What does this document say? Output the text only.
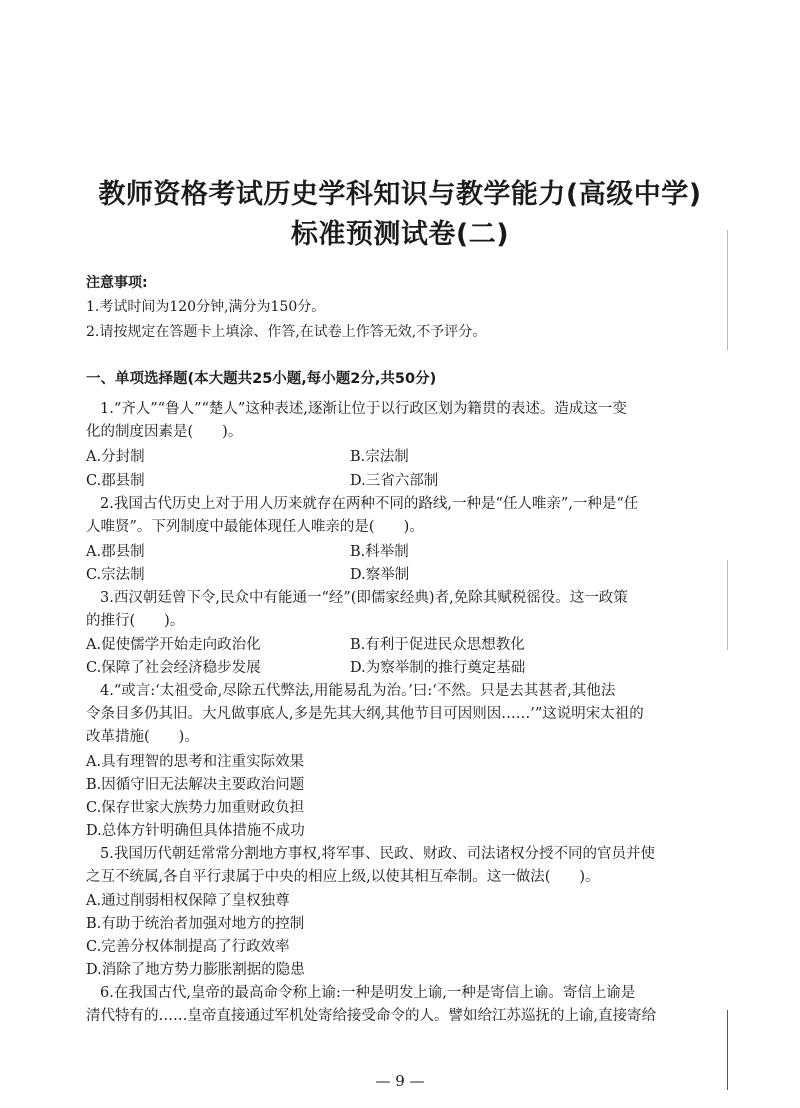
教师资格考试历史学科知识与教学能力(高级中学)
标准预测试卷(二)
注意事项:
1.考试时间为120分钟,满分为150分。
2.请按规定在答题卡上填涂、作答,在试卷上作答无效,不予评分。
一、单项选择题(本大题共25小题,每小题2分,共50分)
1.“齐人”“鲁人”“楚人”这种表述,逐渐让位于以行政区划为籍贯的表述。造成这一变
化的制度因素是(　　)。
A.分封制	B.宗法制
C.郡县制	D.三省六部制
2.我国古代历史上对于用人历来就存在两种不同的路线,一种是“任人唯亲”,一种是“任
人唯贤”。下列制度中最能体现任人唯亲的是(　　)。
A.郡县制	B.科举制
C.宗法制	D.察举制
3.西汉朝廷曾下令,民众中有能通一“经”(即儒家经典)者,免除其赋税徭役。这一政策
的推行(　　)。
A.促使儒学开始走向政治化	B.有利于促进民众思想教化
C.保障了社会经济稳步发展	D.为察举制的推行奠定基础
4.“或言:‘太祖受命,尽除五代弊法,用能易乱为治。’曰:‘不然。只是去其甚者,其他法
令条目多仍其旧。大凡做事底人,多是先其大纲,其他节目可因则因……’”这说明宋太祖的
改革措施(　　)。
A.具有理智的思考和注重实际效果
B.因循守旧无法解决主要政治问题
C.保存世家大族势力加重财政负担
D.总体方针明确但具体措施不成功
5.我国历代朝廷常常分割地方事权,将军事、民政、财政、司法诸权分授不同的官员并使
之互不统属,各自平行隶属于中央的相应上级,以使其相互牵制。这一做法(　　)。
A.通过削弱相权保障了皇权独尊
B.有助于统治者加强对地方的控制
C.完善分权体制提高了行政效率
D.消除了地方势力膨胀割据的隐患
6.在我国古代,皇帝的最高命令称上谕:一种是明发上谕,一种是寄信上谕。寄信上谕是
清代特有的……皇帝直接通过军机处寄给接受命令的人。譬如给江苏巡抚的上谕,直接寄给
— 9 —
